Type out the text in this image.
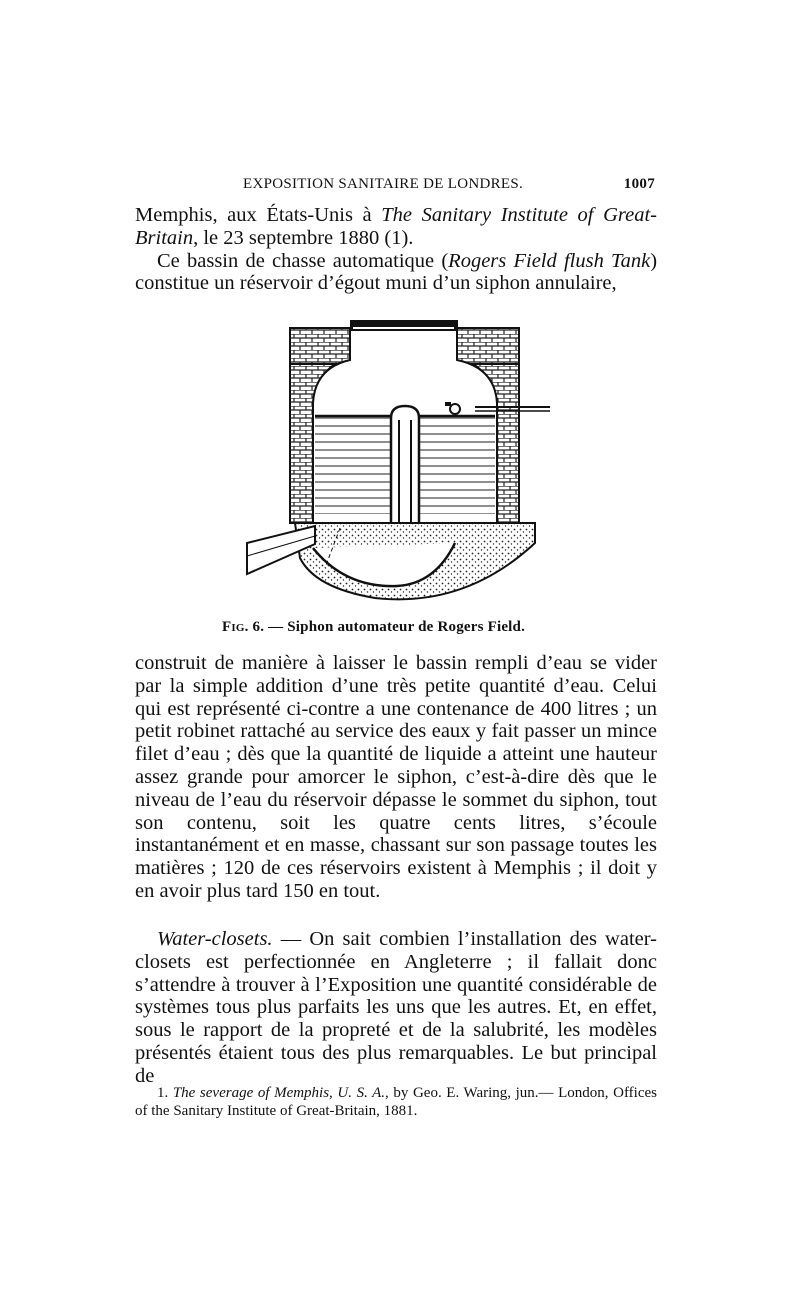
EXPOSITION SANITAIRE DE LONDRES.	1007

Memphis, aux États-Unis à The Sanitary Institute of Great-Britain, le 23 septembre 1880 (1).

Ce bassin de chasse automatique (Rogers Field flush Tank) constitue un réservoir d’égout muni d’un siphon annulaire,

Fig. 6. — Siphon automateur de Rogers Field.

construit de manière à laisser le bassin rempli d’eau se vider par la simple addition d’une très petite quantité d’eau. Celui qui est représenté ci-contre a une contenance de 400 litres ; un petit robinet rattaché au service des eaux y fait passer un mince filet d’eau ; dès que la quantité de liquide a atteint une hauteur assez grande pour amorcer le siphon, c’est-à-dire dès que le niveau de l’eau du réservoir dépasse le sommet du siphon, tout son contenu, soit les quatre cents litres, s’écoule instantanément et en masse, chassant sur son passage toutes les matières ; 120 de ces réservoirs existent à Memphis ; il doit y en avoir plus tard 150 en tout.

Water-closets. — On sait combien l’installation des water-closets est perfectionnée en Angleterre ; il fallait donc s’attendre à trouver à l’Exposition une quantité considérable de systèmes tous plus parfaits les uns que les autres. Et, en effet, sous le rapport de la propreté et de la salubrité, les modèles présentés étaient tous des plus remarquables. Le but principal de

1. The severage of Memphis, U. S. A., by Geo. E. Waring, jun.— London, Offices of the Sanitary Institute of Great-Britain, 1881.
